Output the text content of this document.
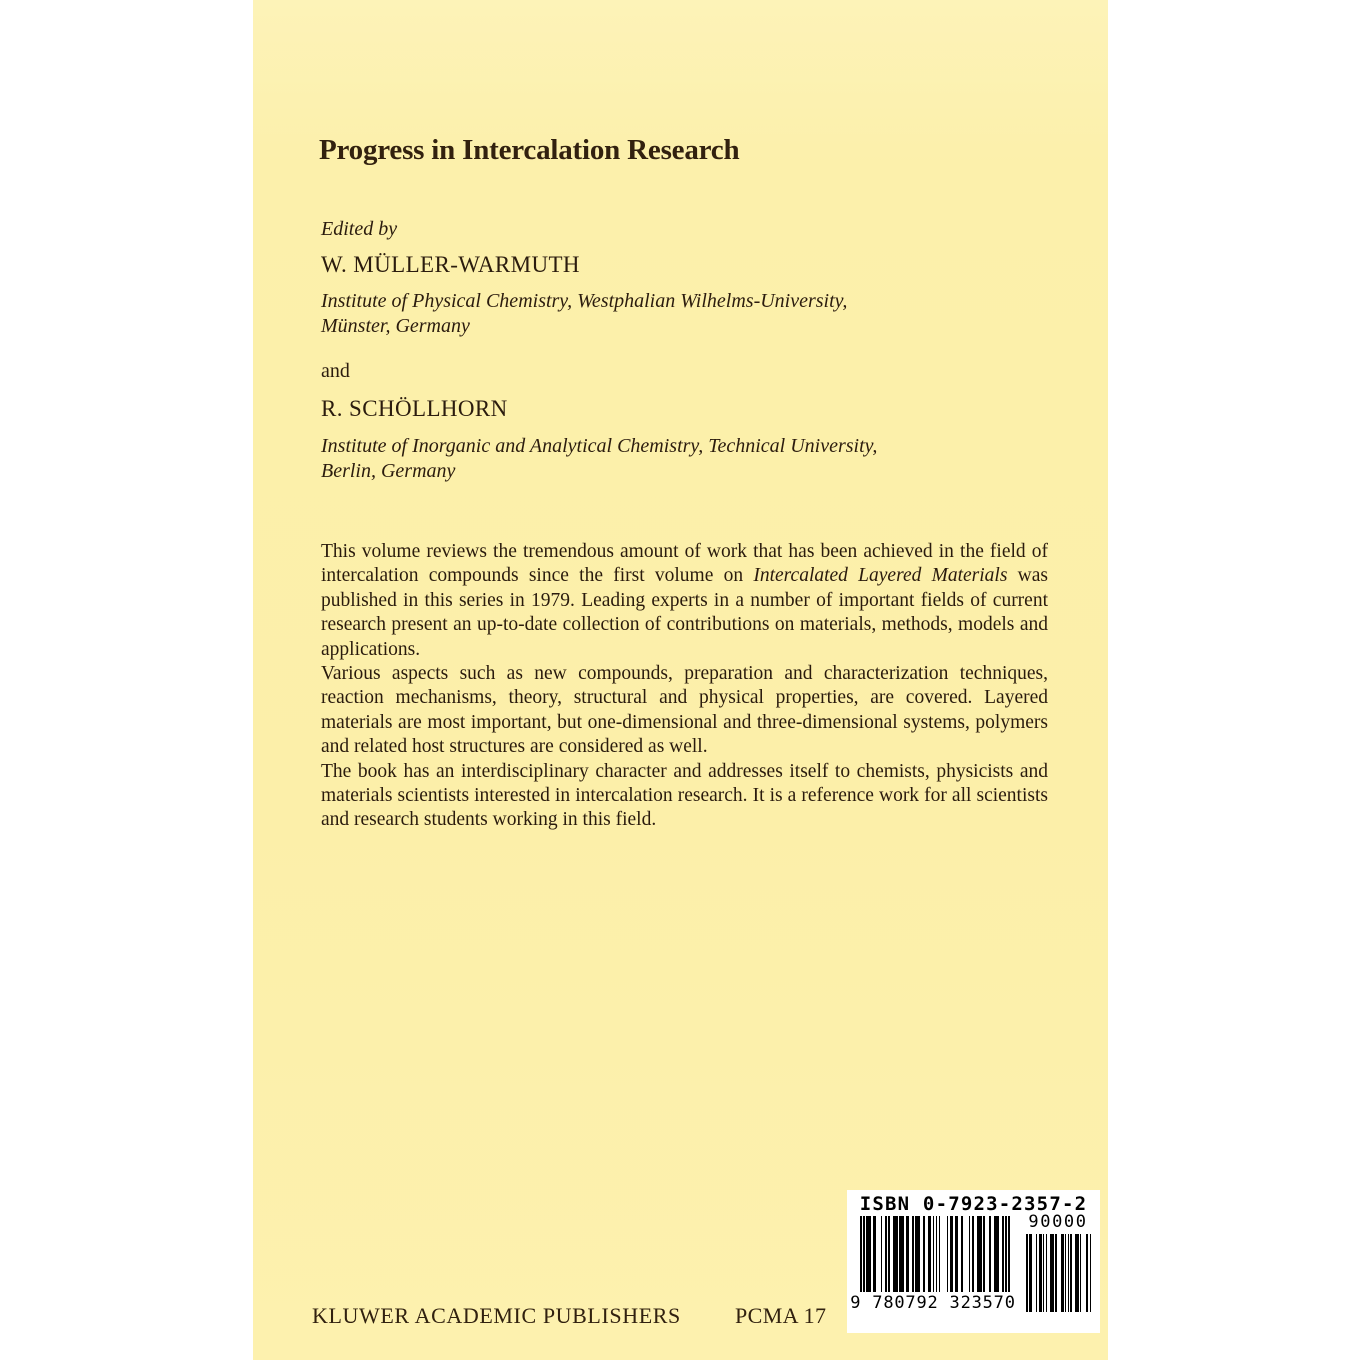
Progress in Intercalation Research
Edited by
W. MÜLLER-WARMUTH
Institute of Physical Chemistry, Westphalian Wilhelms-University,
Münster, Germany
and
R. SCHÖLLHORN
Institute of Inorganic and Analytical Chemistry, Technical University,
Berlin, Germany

This volume reviews the tremendous amount of work that has been achieved in the field of intercalation compounds since the first volume on Intercalated Layered Materials was published in this series in 1979. Leading experts in a number of important fields of current research present an up-to-date collection of contributions on materials, methods, models and applications.

Various aspects such as new compounds, preparation and characterization techniques, reaction mechanisms, theory, structural and physical properties, are covered. Layered materials are most important, but one-dimensional and three-dimensional systems, polymers and related host structures are considered as well.

The book has an interdisciplinary character and addresses itself to chemists, physicists and materials scientists interested in intercalation research. It is a reference work for all scientists and research students working in this field.

ISBN 0-7923-2357-2
9 780792 323570
90000
KLUWER ACADEMIC PUBLISHERS PCMA 17
